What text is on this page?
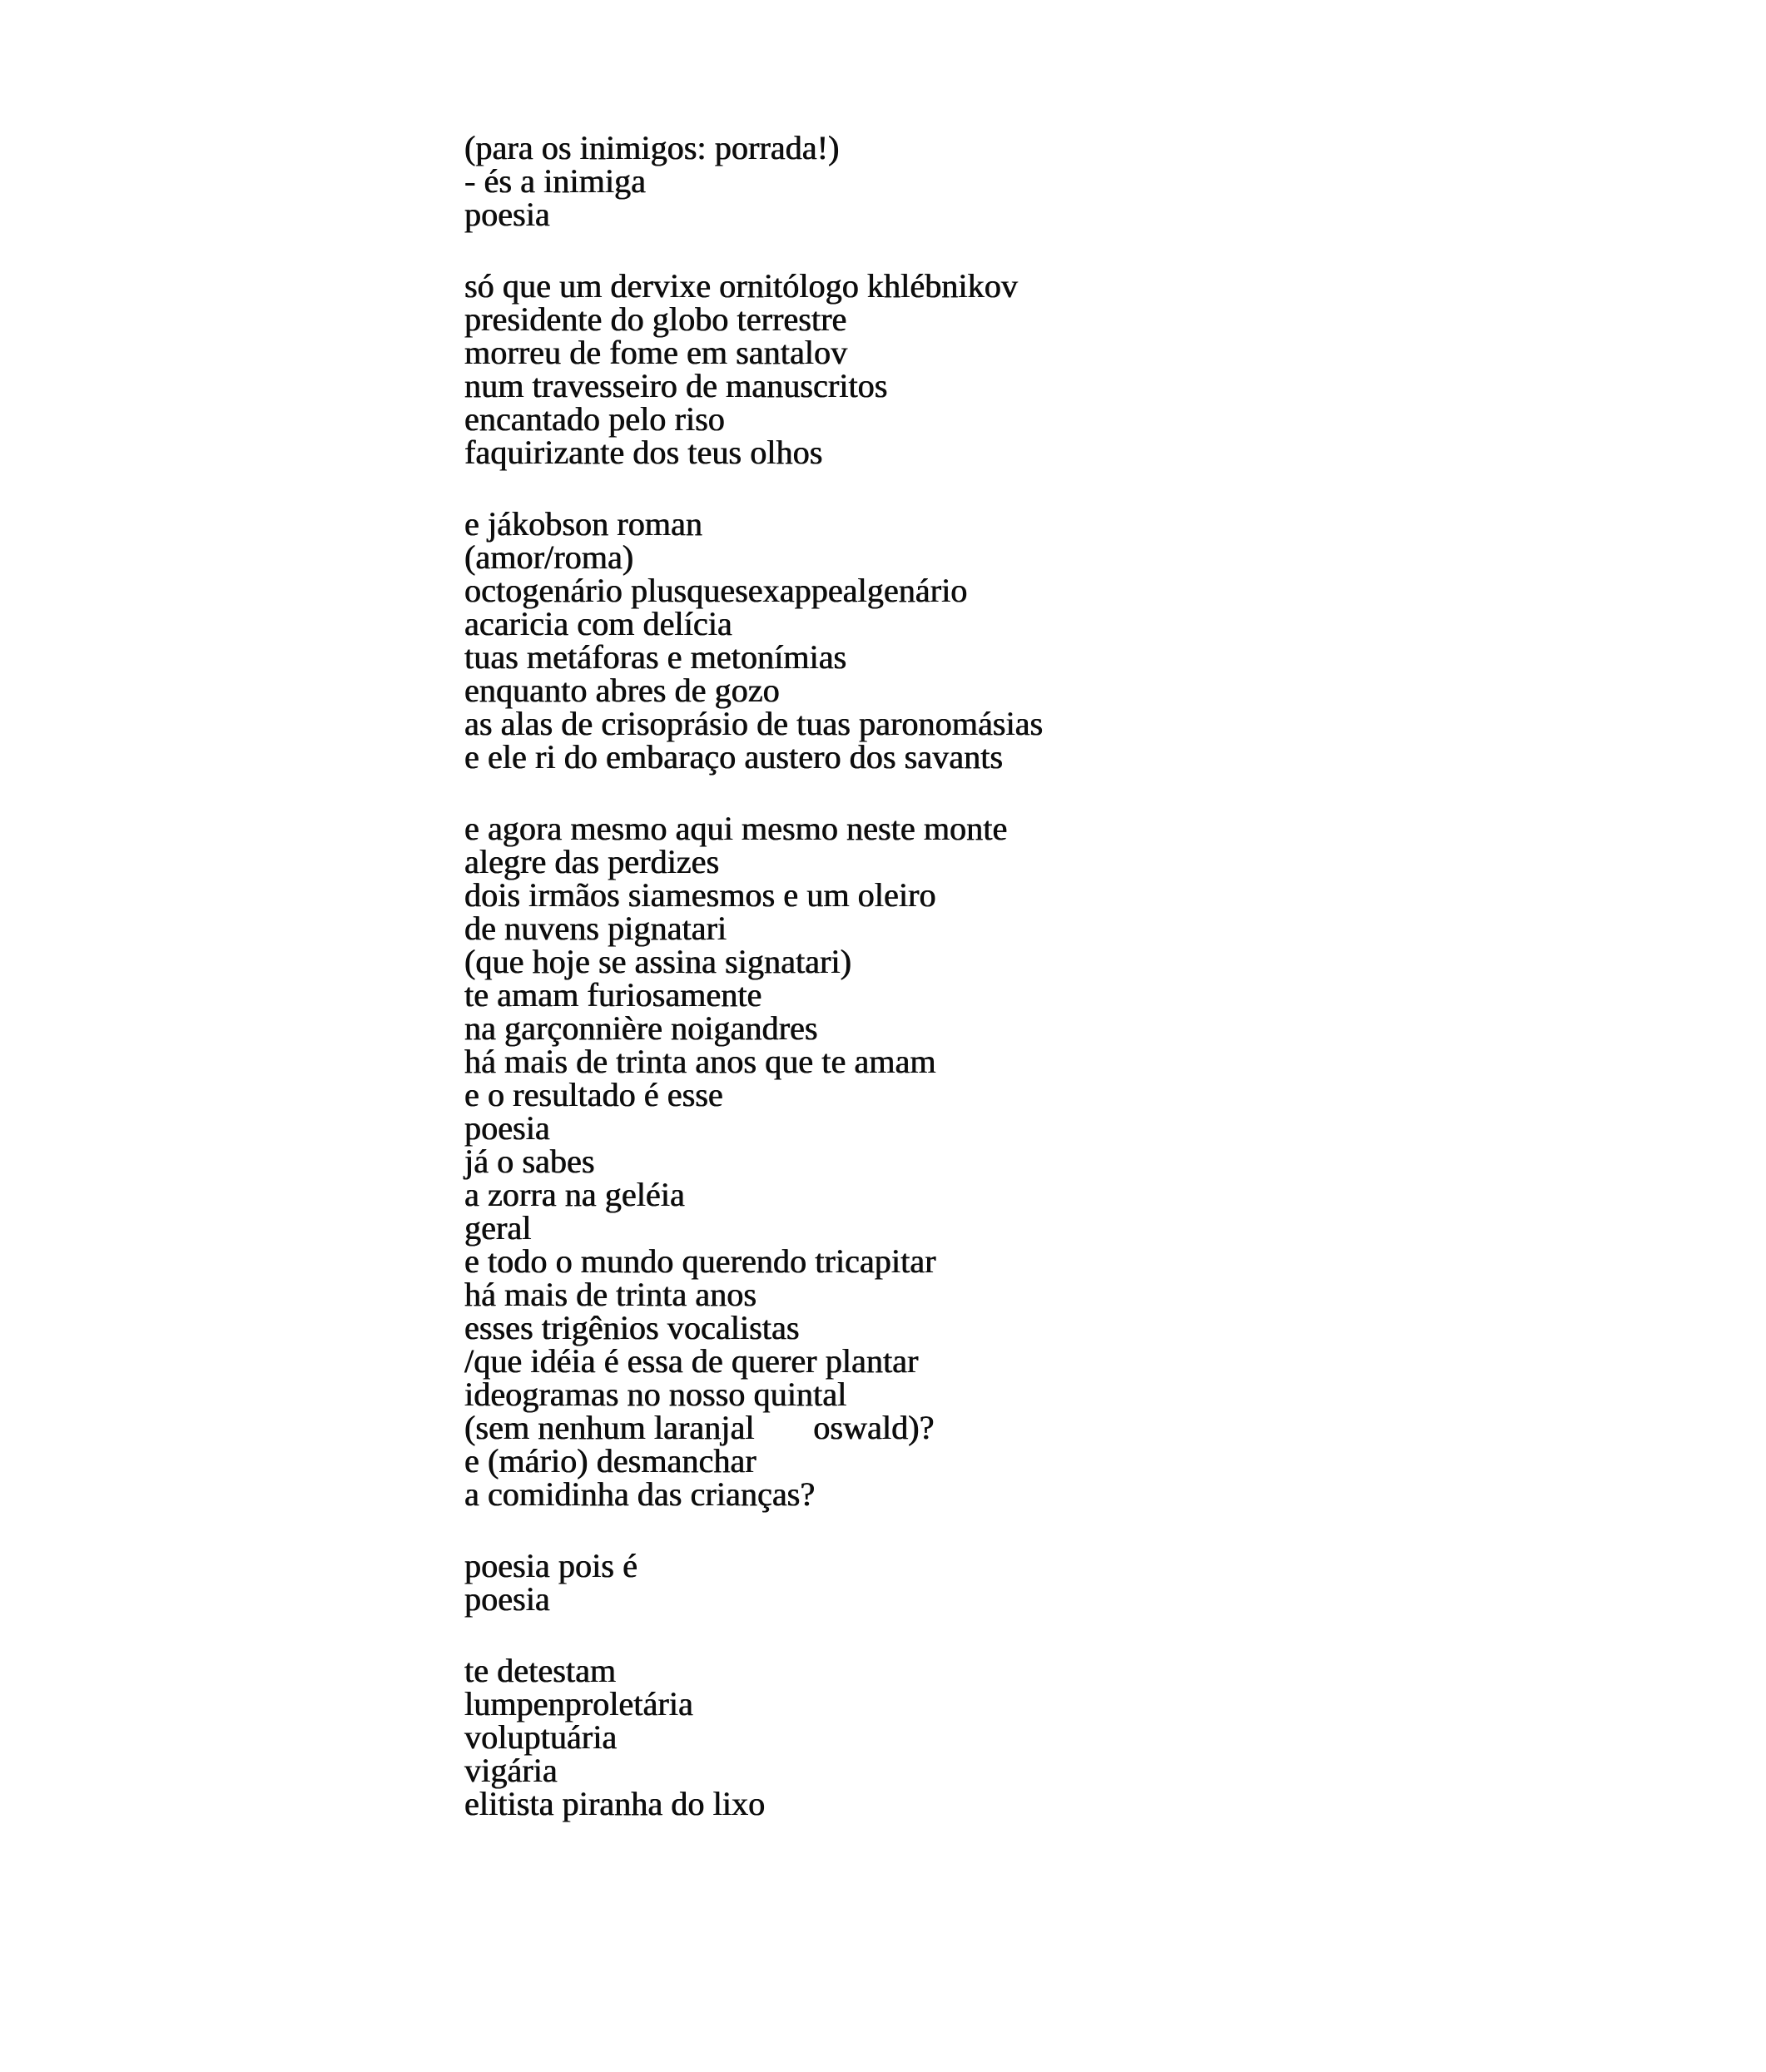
(para os inimigos: porrada!)
- és a inimiga
poesia
só que um dervixe ornitólogo khlébnikov
presidente do globo terrestre
morreu de fome em santalov
num travesseiro de manuscritos
encantado pelo riso
faquirizante dos teus olhos
e jákobson roman
(amor/roma)
octogenário plusquesexappealgenário
acaricia com delícia
tuas metáforas e metonímias
enquanto abres de gozo
as alas de crisoprásio de tuas paronomásias
e ele ri do embaraço austero dos savants
e agora mesmo aqui mesmo neste monte
alegre das perdizes
dois irmãos siamesmos e um oleiro
de nuvens pignatari
(que hoje se assina signatari)
te amam furiosamente
na garçonnière noigandres
há mais de trinta anos que te amam
e o resultado é esse
poesia
já o sabes
a zorra na geléia
geral
e todo o mundo querendo tricapitar
há mais de trinta anos
esses trigênios vocalistas
/que idéia é essa de querer plantar
ideogramas no nosso quintal
(sem nenhum laranjal       oswald)?
e (mário) desmanchar
a comidinha das crianças?
poesia pois é
poesia
te detestam
lumpenproletária
voluptuária
vigária
elitista piranha do lixo
